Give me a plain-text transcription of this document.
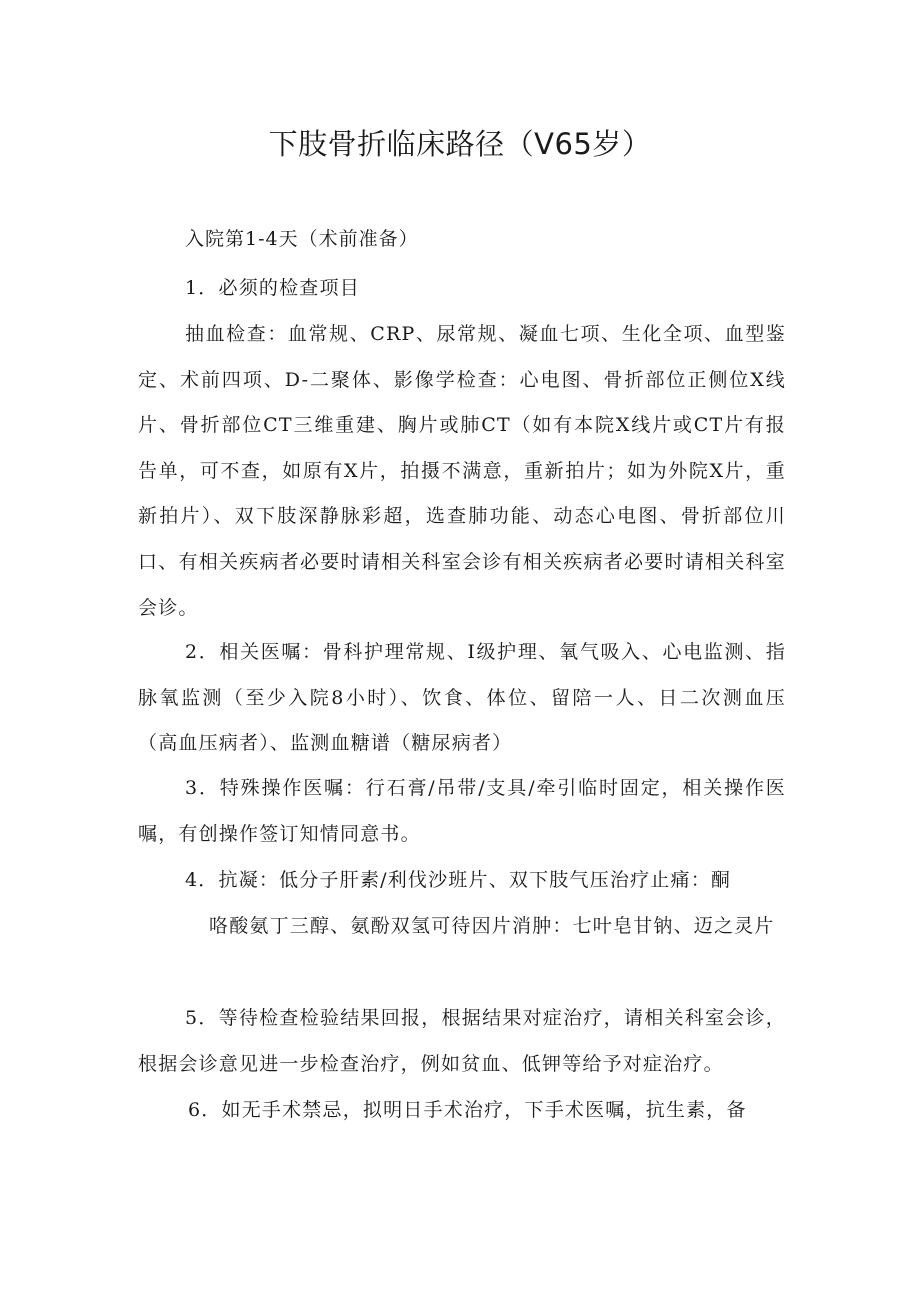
下肢骨折临床路径（V65岁）

入院第1-4天（术前准备）

1．必须的检查项目

抽血检查：血常规、CRP、尿常规、凝血七项、生化全项、血型鉴定、术前四项、D-二聚体、影像学检查：心电图、骨折部位正侧位X线片、骨折部位CT三维重建、胸片或肺CT（如有本院X线片或CT片有报告单，可不查，如原有X片，拍摄不满意，重新拍片；如为外院X片，重新拍片）、双下肢深静脉彩超，选查肺功能、动态心电图、骨折部位川口、有相关疾病者必要时请相关科室会诊有相关疾病者必要时请相关科室会诊。

2．相关医嘱：骨科护理常规、I级护理、氧气吸入、心电监测、指脉氧监测（至少入院8小时）、饮食、体位、留陪一人、日二次测血压（高血压病者）、监测血糖谱（糖尿病者）

3．特殊操作医嘱：行石膏/吊带/支具/牵引临时固定，相关操作医嘱，有创操作签订知情同意书。

4．抗凝：低分子肝素/利伐沙班片、双下肢气压治疗止痛：酮
咯酸氨丁三醇、氨酚双氢可待因片消肿：七叶皂甘钠、迈之灵片

5．等待检查检验结果回报，根据结果对症治疗，请相关科室会诊，根据会诊意见进一步检查治疗，例如贫血、低钾等给予对症治疗。

6．如无手术禁忌，拟明日手术治疗，下手术医嘱，抗生素，备
